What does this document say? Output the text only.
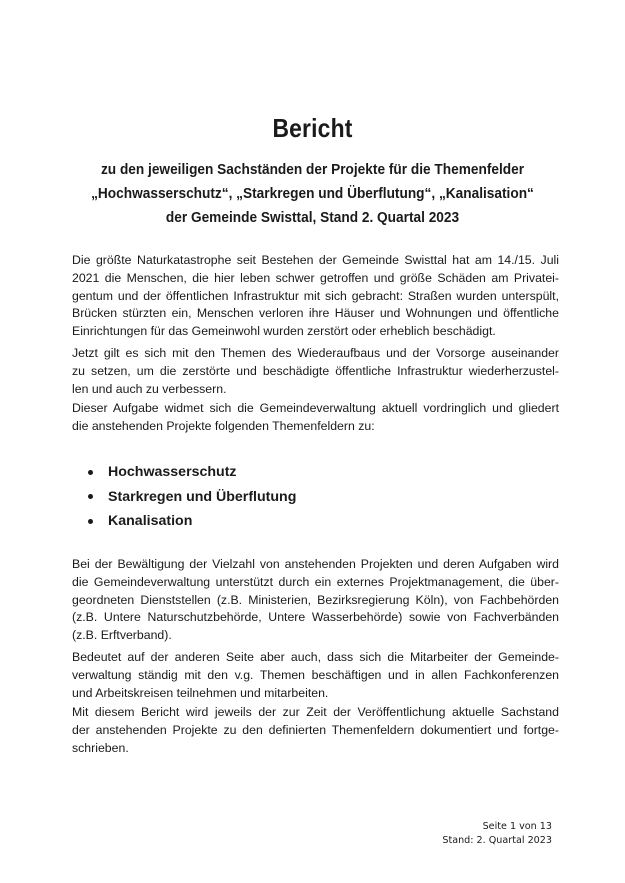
Bericht
zu den jeweiligen Sachständen der Projekte für die Themenfelder
„Hochwasserschutz“, „Starkregen und Überflutung“, „Kanalisation“
der Gemeinde Swisttal, Stand 2. Quartal 2023

Die größte Naturkatastrophe seit Bestehen der Gemeinde Swisttal hat am 14./15. Juli
2021 die Menschen, die hier leben schwer getroffen und größe Schäden am Privatei-
gentum und der öffentlichen Infrastruktur mit sich gebracht: Straßen wurden unterspült,
Brücken stürzten ein, Menschen verloren ihre Häuser und Wohnungen und öffentliche
Einrichtungen für das Gemeinwohl wurden zerstört oder erheblich beschädigt.

Jetzt gilt es sich mit den Themen des Wiederaufbaus und der Vorsorge auseinander
zu setzen, um die zerstörte und beschädigte öffentliche Infrastruktur wiederherzustel-
len und auch zu verbessern.

Dieser Aufgabe widmet sich die Gemeindeverwaltung aktuell vordringlich und gliedert
die anstehenden Projekte folgenden Themenfeldern zu:

Hochwasserschutz
Starkregen und Überflutung
Kanalisation

Bei der Bewältigung der Vielzahl von anstehenden Projekten und deren Aufgaben wird
die Gemeindeverwaltung unterstützt durch ein externes Projektmanagement, die über-
geordneten Dienststellen (z.B. Ministerien, Bezirksregierung Köln), von Fachbehörden
(z.B. Untere Naturschutzbehörde, Untere Wasserbehörde) sowie von Fachverbänden
(z.B. Erftverband).

Bedeutet auf der anderen Seite aber auch, dass sich die Mitarbeiter der Gemeinde-
verwaltung ständig mit den v.g. Themen beschäftigen und in allen Fachkonferenzen
und Arbeitskreisen teilnehmen und mitarbeiten.

Mit diesem Bericht wird jeweils der zur Zeit der Veröffentlichung aktuelle Sachstand
der anstehenden Projekte zu den definierten Themenfeldern dokumentiert und fortge-
schrieben.

Seite 1 von 13
Stand: 2. Quartal 2023
